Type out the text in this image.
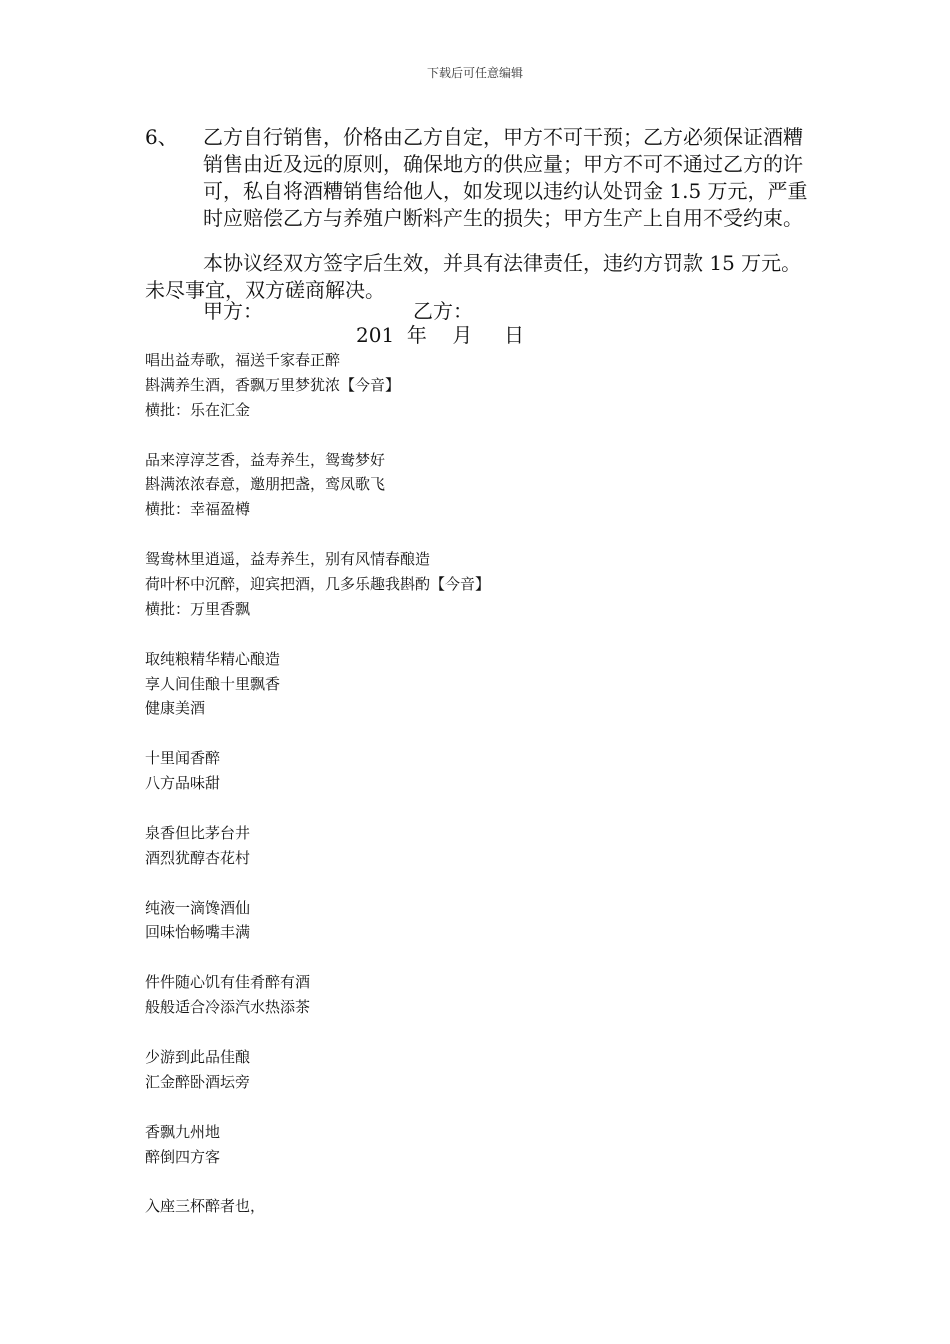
下载后可任意编辑
6、 乙方自行销售，价格由乙方自定，甲方不可干预；乙方必须保证酒糟销售由近及远的原则，确保地方的供应量；甲方不可不通过乙方的许可，私自将酒糟销售给他人，如发现以违约认处罚金 1.5 万元，严重时应赔偿乙方与养殖户断料产生的损失；甲方生产上自用不受约束。
本协议经双方签字后生效，并具有法律责任，违约方罚款 15 万元。未尽事宜，双方磋商解决。
甲方：	乙方：
201  年    月     日
唱出益寿歌，福送千家春正醉
斟满养生酒，香飘万里梦犹浓【今音】
横批：乐在汇金
品来淳淳芝香，益寿养生，鸳鸯梦好
斟满浓浓春意，邀朋把盏，鸾凤歌飞
横批：幸福盈樽
鸳鸯林里逍遥，益寿养生，别有风情春酿造
荷叶杯中沉醉，迎宾把酒，几多乐趣我斟酌【今音】
横批：万里香飘
取纯粮精华精心酿造
享人间佳酿十里飘香
健康美酒
十里闻香醉
八方品味甜
泉香但比茅台井
酒烈犹醇杏花村
纯液一滴馋酒仙
回味怡畅嘴丰满
件件随心饥有佳肴醉有酒
般般适合冷添汽水热添茶
少游到此品佳酿
汇金醉卧酒坛旁
香飘九州地
醉倒四方客
入座三杯醉者也，
